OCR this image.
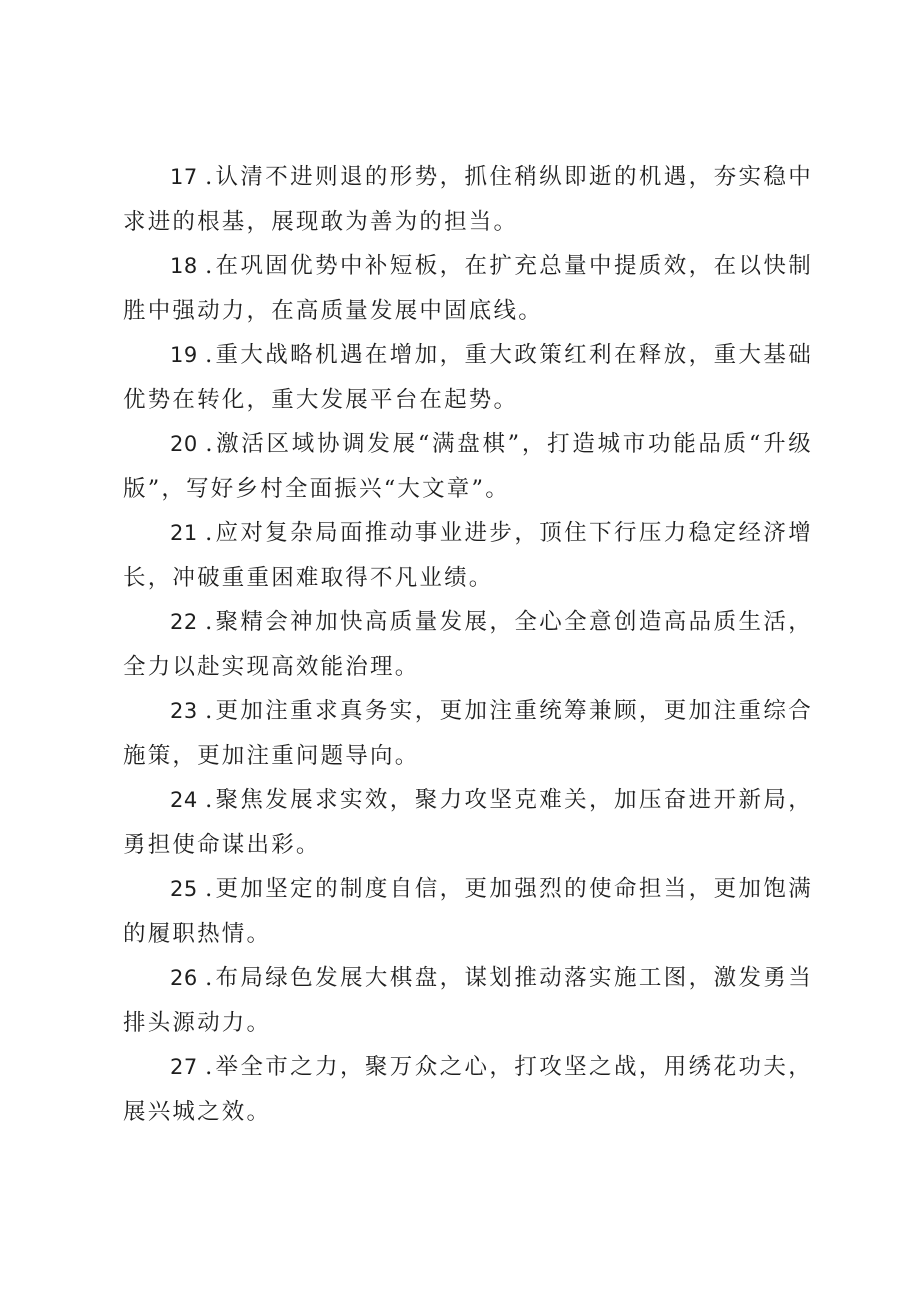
17 . 认清不进则退的形势，抓住稍纵即逝的机遇，夯实稳中求进的根基，展现敢为善为的担当。

18 . 在巩固优势中补短板，在扩充总量中提质效，在以快制胜中强动力，在高质量发展中固底线。

19 . 重大战略机遇在增加，重大政策红利在释放，重大基础优势在转化，重大发展平台在起势。

20 . 激活区域协调发展“满盘棋”，打造城市功能品质“升级版”，写好乡村全面振兴“大文章”。

21 . 应对复杂局面推动事业进步，顶住下行压力稳定经济增长，冲破重重困难取得不凡业绩。

22 . 聚精会神加快高质量发展，全心全意创造高品质生活，全力以赴实现高效能治理。

23 . 更加注重求真务实，更加注重统筹兼顾，更加注重综合施策，更加注重问题导向。

24 . 聚焦发展求实效，聚力攻坚克难关，加压奋进开新局，勇担使命谋出彩。

25 . 更加坚定的制度自信，更加强烈的使命担当，更加饱满的履职热情。

26 . 布局绿色发展大棋盘，谋划推动落实施工图，激发勇当排头源动力。

27 . 举全市之力，聚万众之心，打攻坚之战，用绣花功夫，展兴城之效。
